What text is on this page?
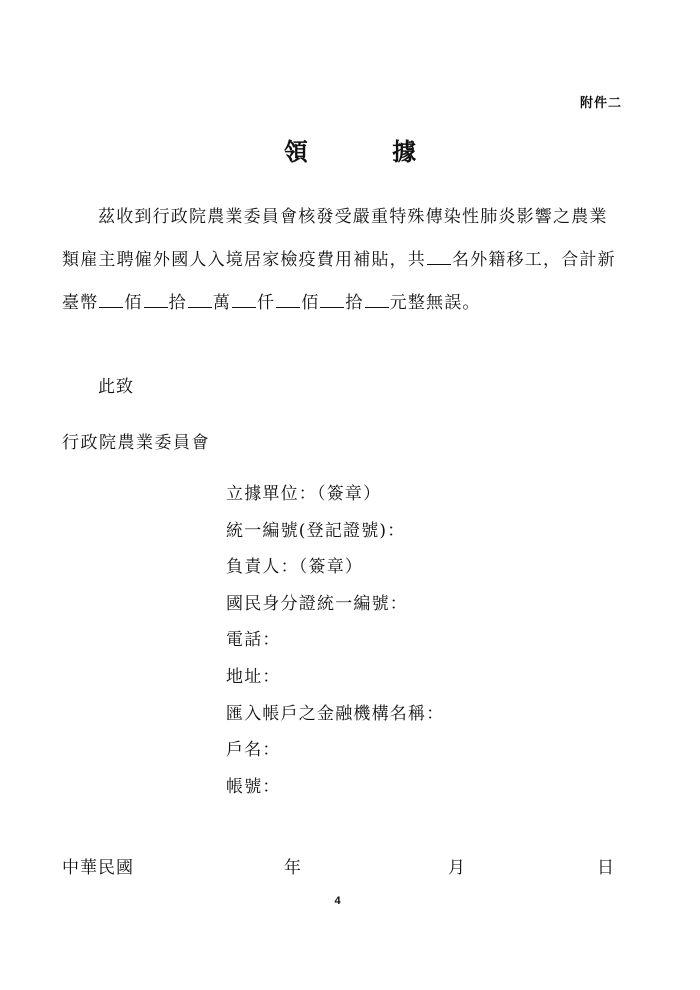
附件二
領 據
茲收到行政院農業委員會核發受嚴重特殊傳染性肺炎影響之農業
類雇主聘僱外國人入境居家檢疫費用補貼，共 名外籍移工，合計新
臺幣 佰 拾 萬 仟 佰 拾 元整無誤。
此致
行政院農業委員會
立據單位：（簽章）
統一編號(登記證號)：
負責人：（簽章）
國民身分證統一編號：
電話：
地址：
匯入帳戶之金融機構名稱：
戶名：
帳號：
中華民國	年	月	日
4
